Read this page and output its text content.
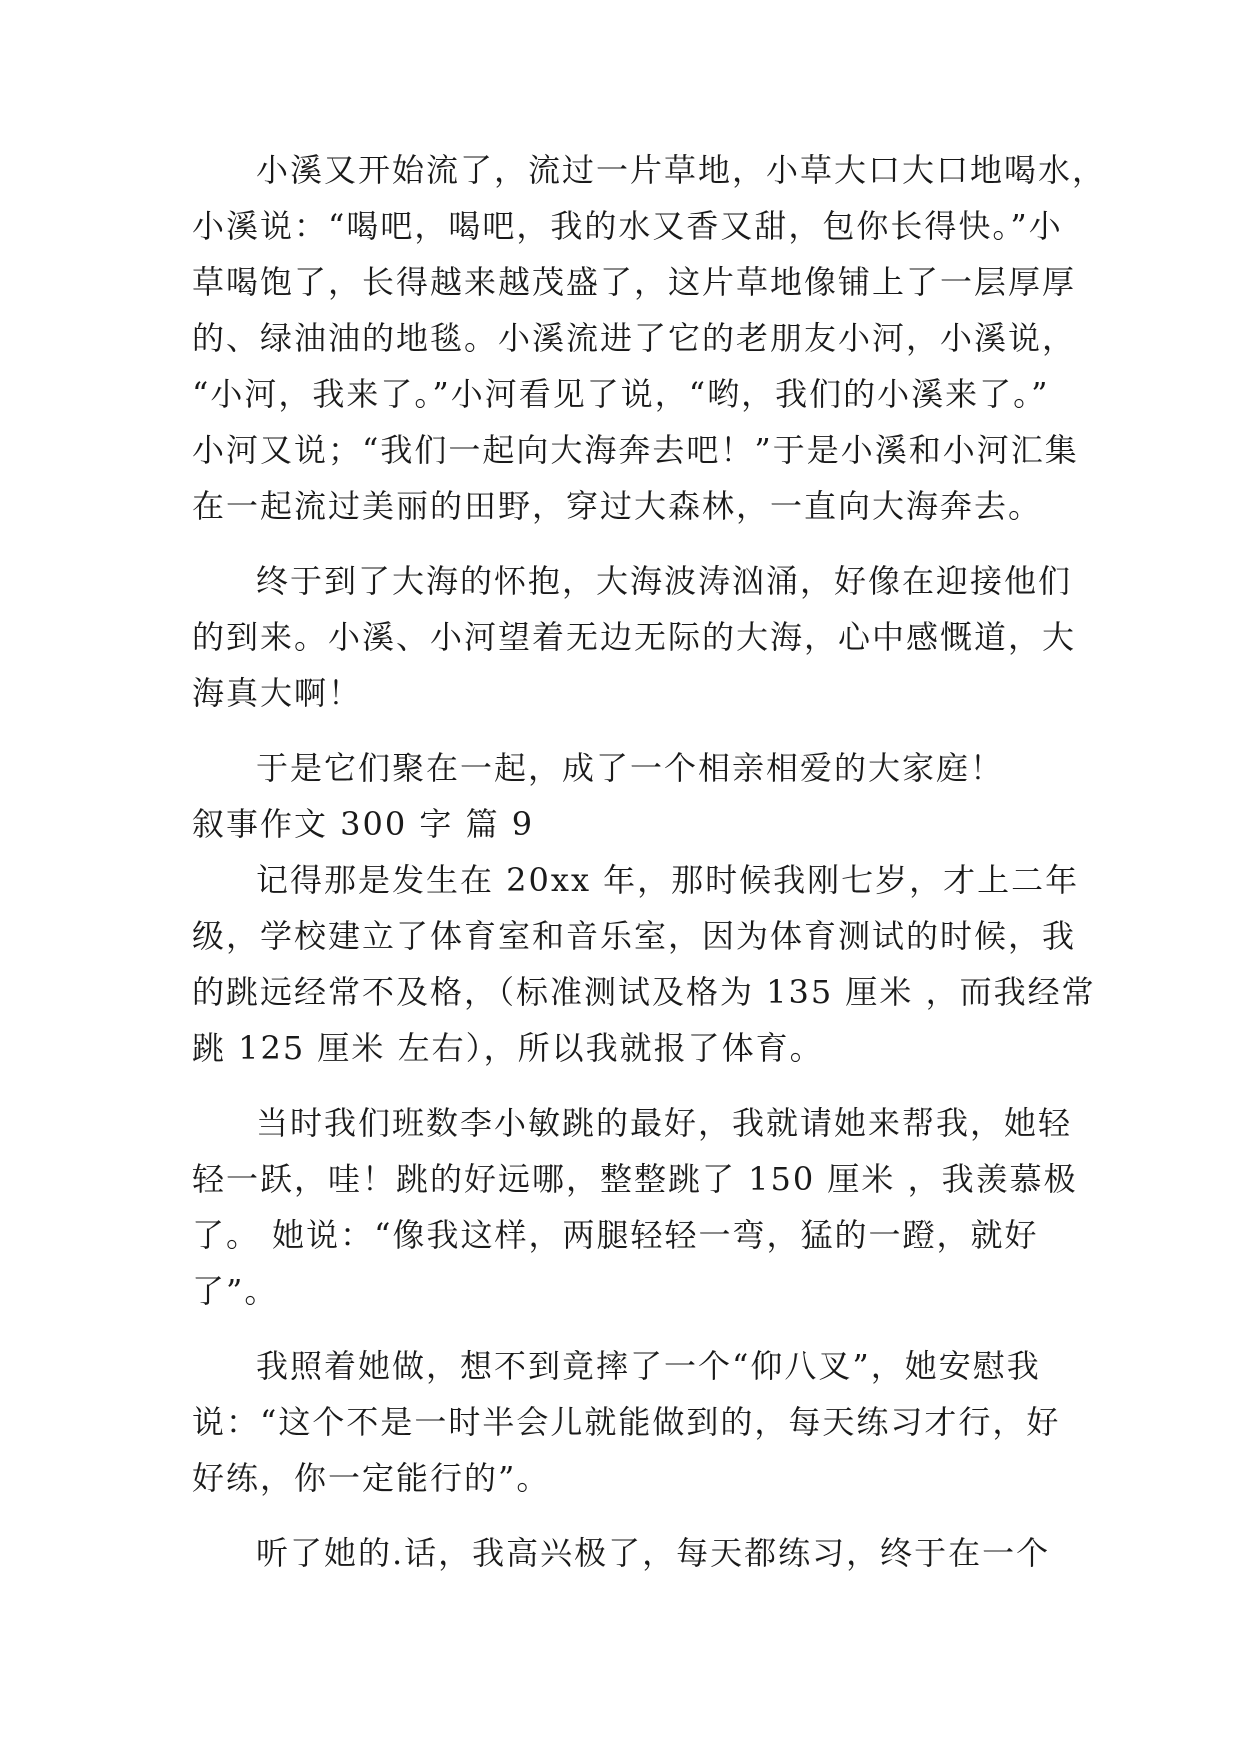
小溪又开始流了，流过一片草地，小草大口大口地喝水，
小溪说：“喝吧，喝吧，我的水又香又甜，包你长得快。”小
草喝饱了，长得越来越茂盛了，这片草地像铺上了一层厚厚
的、绿油油的地毯。小溪流进了它的老朋友小河，小溪说，
“小河，我来了。”小河看见了说，“哟，我们的小溪来了。”
小河又说；“我们一起向大海奔去吧！”于是小溪和小河汇集
在一起流过美丽的田野，穿过大森林，一直向大海奔去。
终于到了大海的怀抱，大海波涛汹涌，好像在迎接他们
的到来。小溪、小河望着无边无际的大海，心中感慨道，大
海真大啊！
于是它们聚在一起，成了一个相亲相爱的大家庭！
叙事作文 300 字 篇 9
记得那是发生在 20xx 年，那时候我刚七岁，才上二年
级，学校建立了体育室和音乐室，因为体育测试的时候，我
的跳远经常不及格，（标准测试及格为 135 厘米 ，而我经常
跳 125 厘米 左右），所以我就报了体育。
当时我们班数李小敏跳的最好，我就请她来帮我，她轻
轻一跃，哇！跳的好远哪，整整跳了 150 厘米 ，我羡慕极
了。 她说：“像我这样，两腿轻轻一弯，猛的一蹬，就好
了”。
我照着她做，想不到竟摔了一个“仰八叉”，她安慰我
说：“这个不是一时半会儿就能做到的，每天练习才行，好
好练，你一定能行的”。
听了她的.话，我高兴极了，每天都练习，终于在一个
